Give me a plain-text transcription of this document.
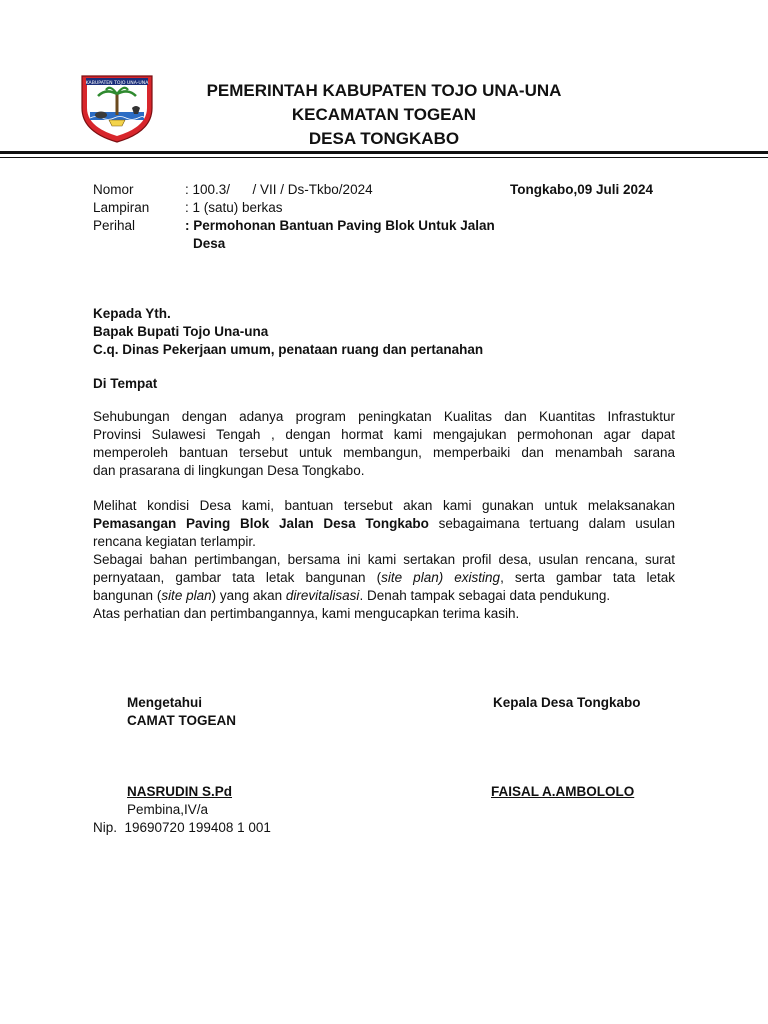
KABUPATEN TOJO UNA-UNA	PEMERINTAH KABUPATEN TOJO UNA-UNA
KECAMATAN TOGEAN
DESA TONGKABO
Tongkabo,09 Juli 2024
Nomor	: 100.3/      / VII / Ds-Tkbo/2024
Lampiran	: 1 (satu) berkas
Perihal	: Permohonan Bantuan Paving Blok Untuk Jalan
Desa
Kepada Yth.
Bapak Bupati Tojo Una-una
C.q. Dinas Pekerjaan umum, penataan ruang dan pertanahan
Di Tempat
Sehubungan dengan adanya program peningkatan Kualitas dan Kuantitas Infrastuktur
Provinsi Sulawesi Tengah , dengan hormat kami mengajukan permohonan agar dapat
memperoleh bantuan tersebut untuk membangun, memperbaiki dan menambah sarana
dan prasarana di lingkungan Desa Tongkabo.
Melihat kondisi Desa kami, bantuan tersebut akan kami gunakan untuk melaksanakan
Pemasangan Paving Blok Jalan Desa Tongkabo sebagaimana tertuang dalam usulan
rencana kegiatan terlampir.
Sebagai bahan pertimbangan, bersama ini kami sertakan profil desa, usulan rencana, surat
pernyataan, gambar tata letak bangunan (site plan) existing, serta gambar tata letak
bangunan (site plan) yang akan direvitalisasi. Denah tampak sebagai data pendukung.
Atas perhatian dan pertimbangannya, kami mengucapkan terima kasih.
Mengetahui
CAMAT TOGEAN
NASRUDIN S.Pd
Pembina,IV/a
Nip.  19690720 199408 1 001
Kepala Desa Tongkabo
FAISAL A.AMBOLOLO
